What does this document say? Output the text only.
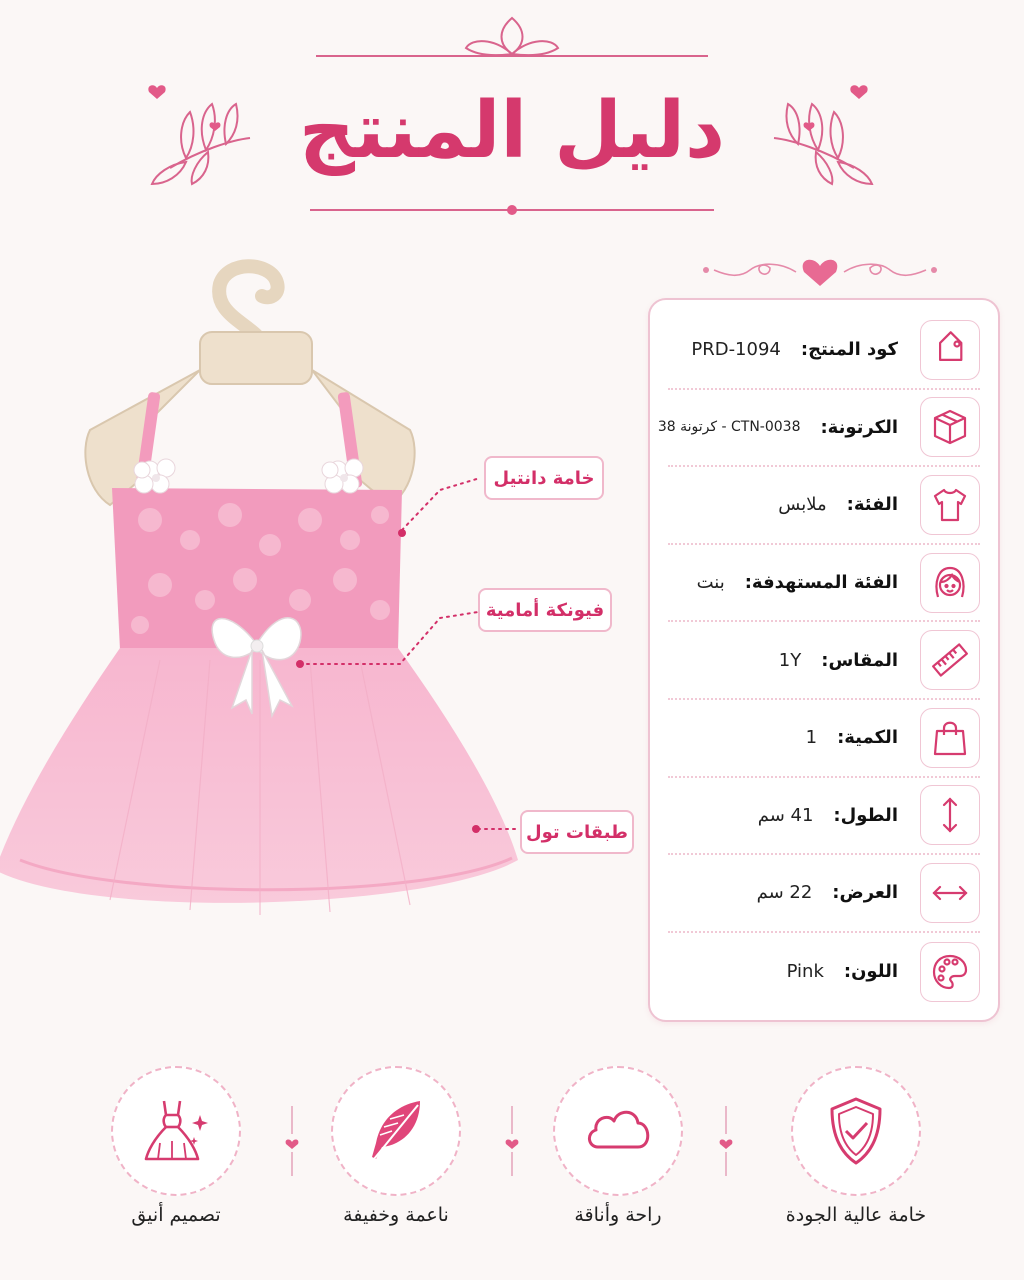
دليل المنتج
خامة دانتيل
فيونكة أمامية
طبقات تول
كود المنتج:
PRD-1094
الكرتونة:
CTN-0038 - كرتونة 38
الفئة:
ملابس
الفئة المستهدفة:
بنت
المقاس:
1Y
الكمية:
1
الطول:
41 سم
العرض:
22 سم
اللون:
Pink
خامة عالية الجودة
راحة وأناقة
ناعمة وخفيفة
تصميم أنيق
